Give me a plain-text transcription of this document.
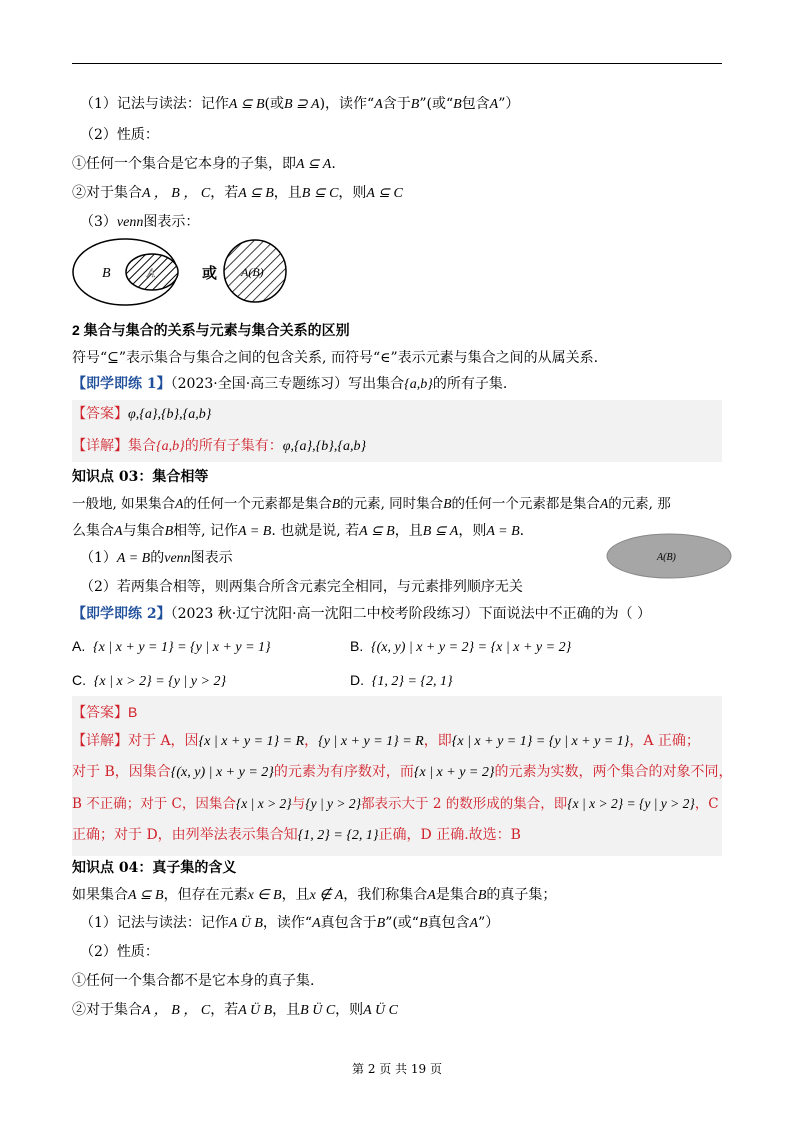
（1）记法与读法：记作A ⊆ B(或B ⊇ A)，读作“A含于B”(或“B包含A”）
（2）性质：
①任何一个集合是它本身的子集，即A ⊆ A.
②对于集合A ， B ， C，若A ⊆ B，且B ⊆ C，则A ⊆ C
（3）venn图表示：
B	A	或 A(B)
2 集合与集合的关系与元素与集合关系的区别
符号“⊆”表示集合与集合之间的包含关系, 而符号“∈”表示元素与集合之间的从属关系.
【即学即练 1】（2023·全国·高三专题练习）写出集合{a,b}的所有子集.
【答案】φ,{a},{b},{a,b}
【详解】集合{a,b}的所有子集有：φ,{a},{b},{a,b}
知识点 03：集合相等
一般地, 如果集合A的任何一个元素都是集合B的元素, 同时集合B的任何一个元素都是集合A的元素, 那
么集合A与集合B相等, 记作A = B. 也就是说, 若A ⊆ B，且B ⊆ A，则A = B.
（1）A = B的venn图表示	A(B)
（2）若两集合相等，则两集合所含元素完全相同，与元素排列顺序无关
【即学即练 2】（2023 秋·辽宁沈阳·高一沈阳二中校考阶段练习）下面说法中不正确的为（ ）
A. {x | x + y = 1} = {y | x + y = 1}	B. {(x, y) | x + y = 2} = {x | x + y = 2}
C. {x | x > 2} = {y | y > 2}	D. {1, 2} = {2, 1}
【答案】B
【详解】对于 A，因{x | x + y = 1} = R，{y | x + y = 1} = R，即{x | x + y = 1} = {y | x + y = 1}，A 正确；
对于 B，因集合{(x, y) | x + y = 2}的元素为有序数对，而{x | x + y = 2}的元素为实数，两个集合的对象不同，
B 不正确；对于 C，因集合{x | x > 2}与{y | y > 2}都表示大于 2 的数形成的集合，即{x | x > 2} = {y | y > 2}，C
正确；对于 D，由列举法表示集合知{1, 2} = {2, 1}正确，D 正确.故选：B
知识点 04：真子集的含义
如果集合A ⊆ B，但存在元素x ∈ B，且x ∉ A，我们称集合A是集合B的真子集；
（1）记法与读法：记作A Ü B，读作“A真包含于B”(或“B真包含A”）
（2）性质：
①任何一个集合都不是它本身的真子集.
②对于集合A ， B ， C，若A Ü B，且B Ü C，则A Ü C
第 2 页 共 19 页
